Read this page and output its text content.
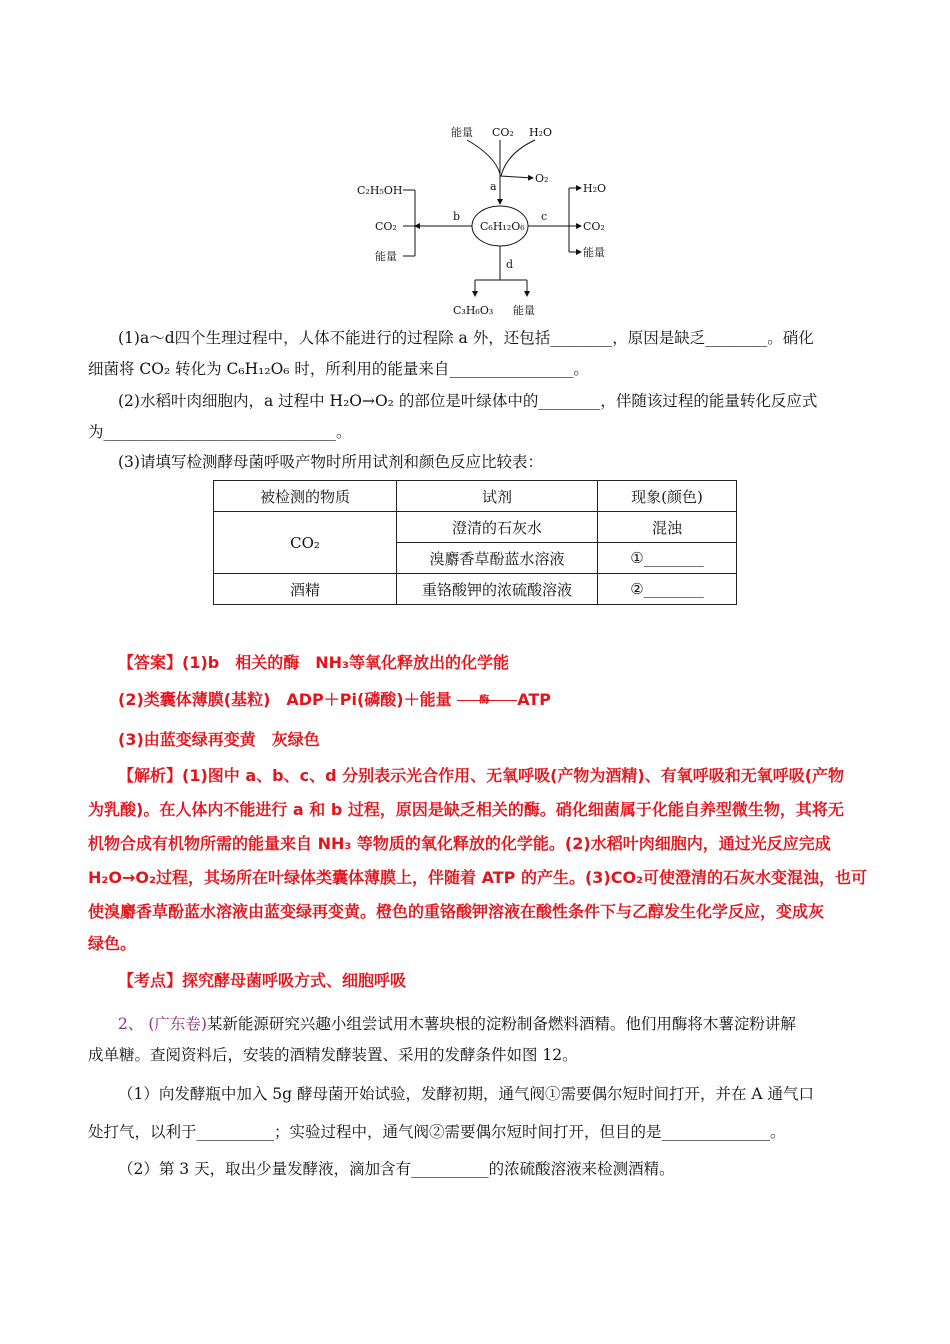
能量 CO₂ H₂O
O₂
a
C₆H₁₂O₆
b
C₂H₅OH
CO₂
能量
c
H₂O
CO₂
能量
d
C₃H₆O₃ 能量
(1)a～d四个生理过程中，人体不能进行的过程除 a 外，还包括________，原因是缺乏________。硝化
细菌将 CO₂ 转化为 C₆H₁₂O₆ 时，所利用的能量来自________________。
(2)水稻叶肉细胞内，a 过程中 H₂O→O₂ 的部位是叶绿体中的________，伴随该过程的能量转化反应式
为______________________________。
(3)请填写检测酵母菌呼吸产物时所用试剂和颜色反应比较表：
被检测的物质	试剂	现象(颜色)
CO₂	澄清的石灰水	混浊
	溴麝香草酚蓝水溶液	①________
酒精	重铬酸钾的浓硫酸溶液	②________
【答案】(1)b　相关的酶　NH₃等氧化释放出的化学能
(2)类囊体薄膜(基粒)　ADP＋Pi(磷酸)＋能量	酶 ATP
(3)由蓝变绿再变黄　灰绿色
【解析】(1)图中 a、b、c、d 分别表示光合作用、无氧呼吸(产物为酒精)、有氧呼吸和无氧呼吸(产物
为乳酸)。在人体内不能进行 a 和 b 过程，原因是缺乏相关的酶。硝化细菌属于化能自养型微生物，其将无
机物合成有机物所需的能量来自 NH₃ 等物质的氧化释放的化学能。(2)水稻叶肉细胞内，通过光反应完成
H₂O→O₂过程，其场所在叶绿体类囊体薄膜上，伴随着 ATP 的产生。(3)CO₂可使澄清的石灰水变混浊，也可
使溴麝香草酚蓝水溶液由蓝变绿再变黄。橙色的重铬酸钾溶液在酸性条件下与乙醇发生化学反应，变成灰
绿色。
【考点】探究酵母菌呼吸方式、细胞呼吸
2、 (广东卷)某新能源研究兴趣小组尝试用木薯块根的淀粉制备燃料酒精。他们用酶将木薯淀粉讲解
成单糖。查阅资料后，安装的酒精发酵装置、采用的发酵条件如图 12。
（1）向发酵瓶中加入 5g 酵母菌开始试验，发酵初期，通气阀①需要偶尔短时间打开，并在 A 通气口
处打气，以利于__________；实验过程中，通气阀②需要偶尔短时间打开，但目的是______________。
（2）第 3 天，取出少量发酵液，滴加含有__________的浓硫酸溶液来检测酒精。
